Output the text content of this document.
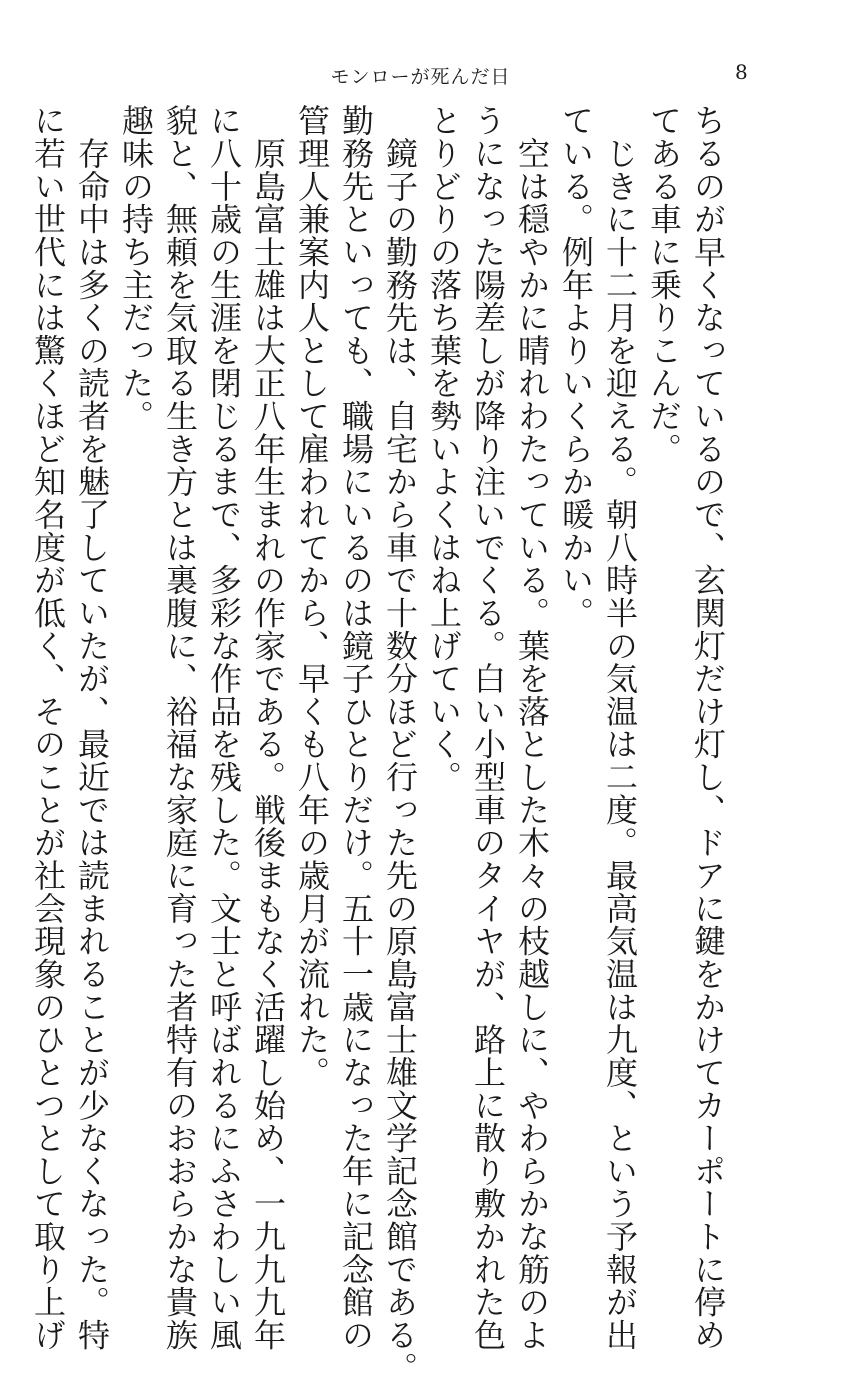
モンローが死んだ日	8
ちるのが早くなっているので、玄関灯だけ灯し、ドアに鍵をかけてカーポートに停め
てある車に乗りこんだ。
　じきに十二月を迎える。朝八時半の気温は二度。最高気温は九度、という予報が出
ている。例年よりいくらか暖かい。
　空は穏やかに晴れわたっている。葉を落とした木々の枝越しに、やわらかな筋のよ
うになった陽差しが降り注いでくる。白い小型車のタイヤが、路上に散り敷かれた色
とりどりの落ち葉を勢いよくはね上げていく。
　鏡子の勤務先は、自宅から車で十数分ほど行った先の原島富士雄文学記念館である。
勤務先といっても、職場にいるのは鏡子ひとりだけ。五十一歳になった年に記念館の
管理人兼案内人として雇われてから、早くも八年の歳月が流れた。
　原島富士雄は大正八年生まれの作家である。戦後まもなく活躍し始め、一九九九年
に八十歳の生涯を閉じるまで、多彩な作品を残した。文士と呼ばれるにふさわしい風
貌と、無頼を気取る生き方とは裏腹に、裕福な家庭に育った者特有のおおらかな貴族
趣味の持ち主だった。
　存命中は多くの読者を魅了していたが、最近では読まれることが少なくなった。特
に若い世代には驚くほど知名度が低く、そのことが社会現象のひとつとして取り上げ
